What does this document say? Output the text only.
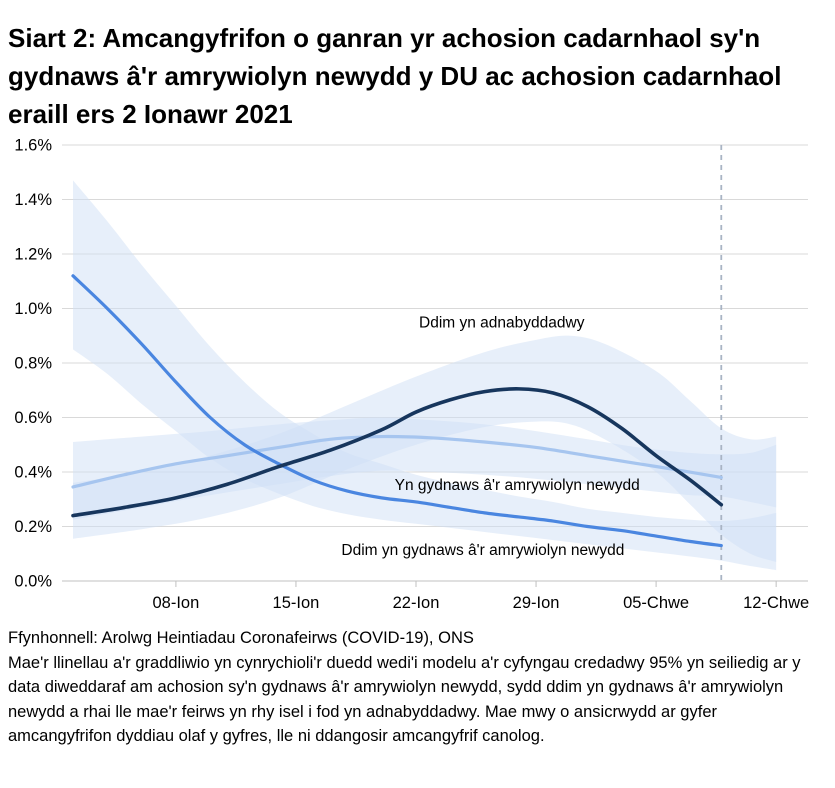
Siart 2: Amcangyfrifon o ganran yr achosion cadarnhaol sy'n gydnaws â'r amrywiolyn newydd y DU ac achosion cadarnhaol eraill ers 2 Ionawr 2021
0.0%
0.2%
0.4%
0.6%
0.8%
1.0%
1.2%
1.4%
1.6%
08-Ion	15-Ion	22-Ion	29-Ion	05-Chwe	12-Chwe
Yn gydnaws â'r amrywiolyn newydd
Ddim yn gydnaws â'r amrywiolyn newydd
Ddim yn adnabyddadwy
Ffynhonnell: Arolwg Heintiadau Coronafeirws (COVID-19), ONS
Mae'r llinellau a'r graddliwio yn cynrychioli'r duedd wedi'i modelu a'r cyfyngau credadwy 95% yn seiliedig ar y data diweddaraf am achosion sy'n gydnaws â'r amrywiolyn newydd, sydd ddim yn gydnaws â'r amrywiolyn newydd a rhai lle mae'r feirws yn rhy isel i fod yn adnabyddadwy. Mae mwy o ansicrwydd ar gyfer amcangyfrifon dyddiau olaf y gyfres, lle ni ddangosir amcangyfrif canolog.
